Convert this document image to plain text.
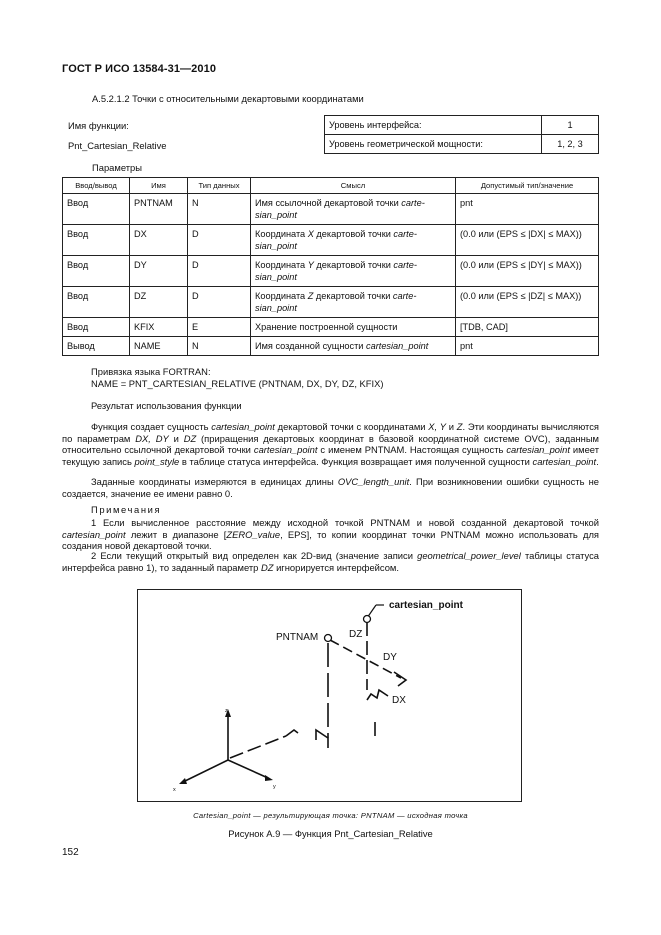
ГОСТ Р ИСО 13584-31—2010
А.5.2.1.2 Точки с относительными декартовыми координатами
Имя функции:
Pnt_Cartesian_Relative
Уровень интерфейса:	1
Уровень геометрической мощности:	1, 2, 3
Параметры
Ввод/вывод	Имя	Тип данных	Смысл	Допустимый тип/значение
Ввод	PNTNAM	N	Имя ссылочной декартовой точки carte-sian_point	pnt
Ввод	DX	D	Координата X декартовой точки carte-sian_point	(0.0 или (EPS ≤ |DX| ≤ MAX))
Ввод	DY	D	Координата Y декартовой точки carte-sian_point	(0.0 или (EPS ≤ |DY| ≤ MAX))
Ввод	DZ	D	Координата Z декартовой точки carte-sian_point	(0.0 или (EPS ≤ |DZ| ≤ MAX))
Ввод	KFIX	E	Хранение построенной сущности	[TDB, CAD]
Вывод	NAME	N	Имя созданной сущности cartesian_point	pnt
Привязка языка FORTRAN:
NAME = PNT_CARTESIAN_RELATIVE (PNTNAM, DX, DY, DZ, KFIX)
Результат использования функции
Функция создает сущность cartesian_point декартовой точки с координатами X, Y и Z. Эти координаты вычисляются по параметрам DX, DY и DZ (приращения декартовых координат в базовой координатной системе OVC), заданным относительно ссылочной декартовой точки cartesian_point с именем PNTNAM. Настоящая сущность cartesian_point имеет текущую запись point_style в таблице статуса интерфейса. Функция возвращает имя полученной сущности cartesian_point.
Заданные координаты измеряются в единицах длины OVC_length_unit. При возникновении ошибки сущность не создается, значение ее имени равно 0.
Примечания
1 Если вычисленное расстояние между исходной точкой PNTNAM и новой созданной декартовой точкой cartesian_point лежит в диапазоне [ZERO_value, EPS], то копии координат точки PNTNAM можно использовать для создания новой декартовой точки.
2 Если текущий открытый вид определен как 2D-вид (значение записи geometrical_power_level таблицы статуса интерфейса равно 1), то заданный параметр DZ игнорируется интерфейсом.
cartesian_point
PNTNAM	DZ
DY
DX
z
x	y
Cartesian_point — результирующая точка: PNTNAM — исходная точка
Рисунок А.9 — Функция Pnt_Cartesian_Relative
152
